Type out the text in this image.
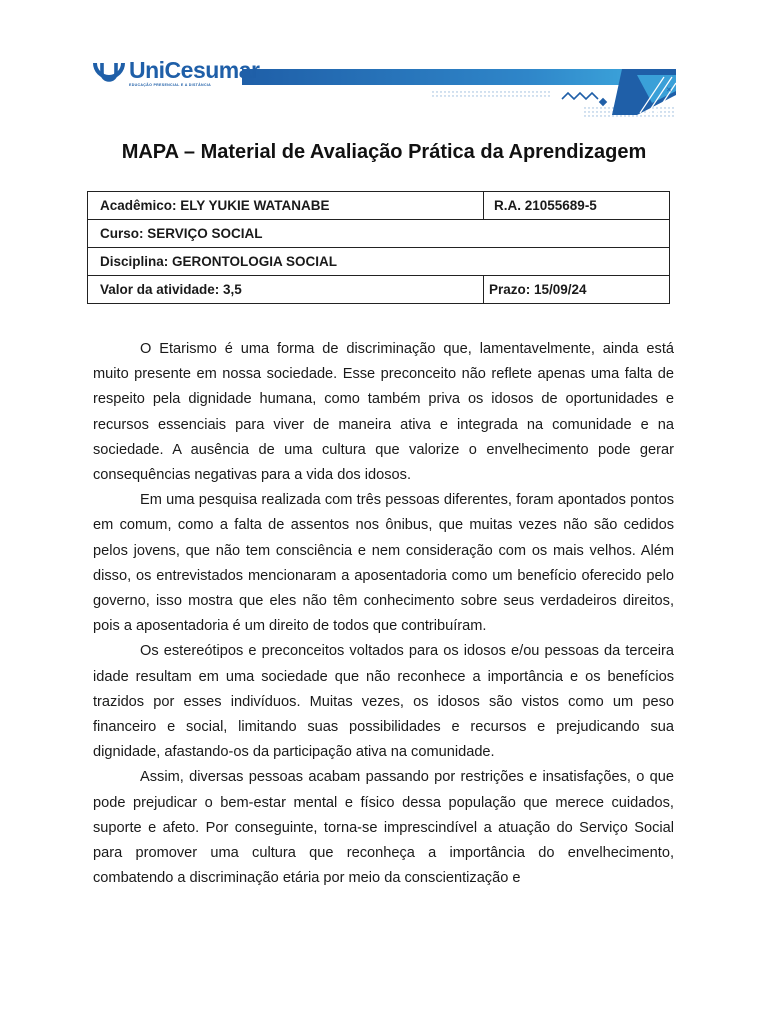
✕
✕
UniCesumar
EDUCAÇÃO PRESENCIAL E A DISTÂNCIA
MAPA – Material de Avaliação Prática da Aprendizagem
Acadêmico: ELY YUKIE WATANABE	R.A. 21055689-5
Curso: SERVIÇO SOCIAL	
Disciplina: GERONTOLOGIA SOCIAL	
Valor da atividade: 3,5	Prazo: 15/09/24

O Etarismo é uma forma de discriminação que, lamentavelmente, ainda está muito presente em nossa sociedade. Esse preconceito não reflete apenas uma falta de respeito pela dignidade humana, como também priva os idosos de oportunidades e recursos essenciais para viver de maneira ativa e integrada na comunidade e na sociedade. A ausência de uma cultura que valorize o envelhecimento pode gerar consequências negativas para a vida dos idosos.

Em uma pesquisa realizada com três pessoas diferentes, foram apontados pontos em comum, como a falta de assentos nos ônibus, que muitas vezes não são cedidos pelos jovens, que não tem consciência e nem consideração com os mais velhos. Além disso, os entrevistados mencionaram a aposentadoria como um benefício oferecido pelo governo, isso mostra que eles não têm conhecimento sobre seus verdadeiros direitos, pois a aposentadoria é um direito de todos que contribuíram.

Os estereótipos e preconceitos voltados para os idosos e/ou pessoas da terceira idade resultam em uma sociedade que não reconhece a importância e os benefícios trazidos por esses indivíduos. Muitas vezes, os idosos são vistos como um peso financeiro e social, limitando suas possibilidades e recursos e prejudicando sua dignidade, afastando-os da participação ativa na comunidade.

Assim, diversas pessoas acabam passando por restrições e insatisfações, o que pode prejudicar o bem-estar mental e físico dessa população que merece cuidados, suporte e afeto. Por conseguinte, torna-se imprescindível a atuação do Serviço Social para promover uma cultura que reconheça a importância do envelhecimento, combatendo a discriminação etária por meio da conscientização e
